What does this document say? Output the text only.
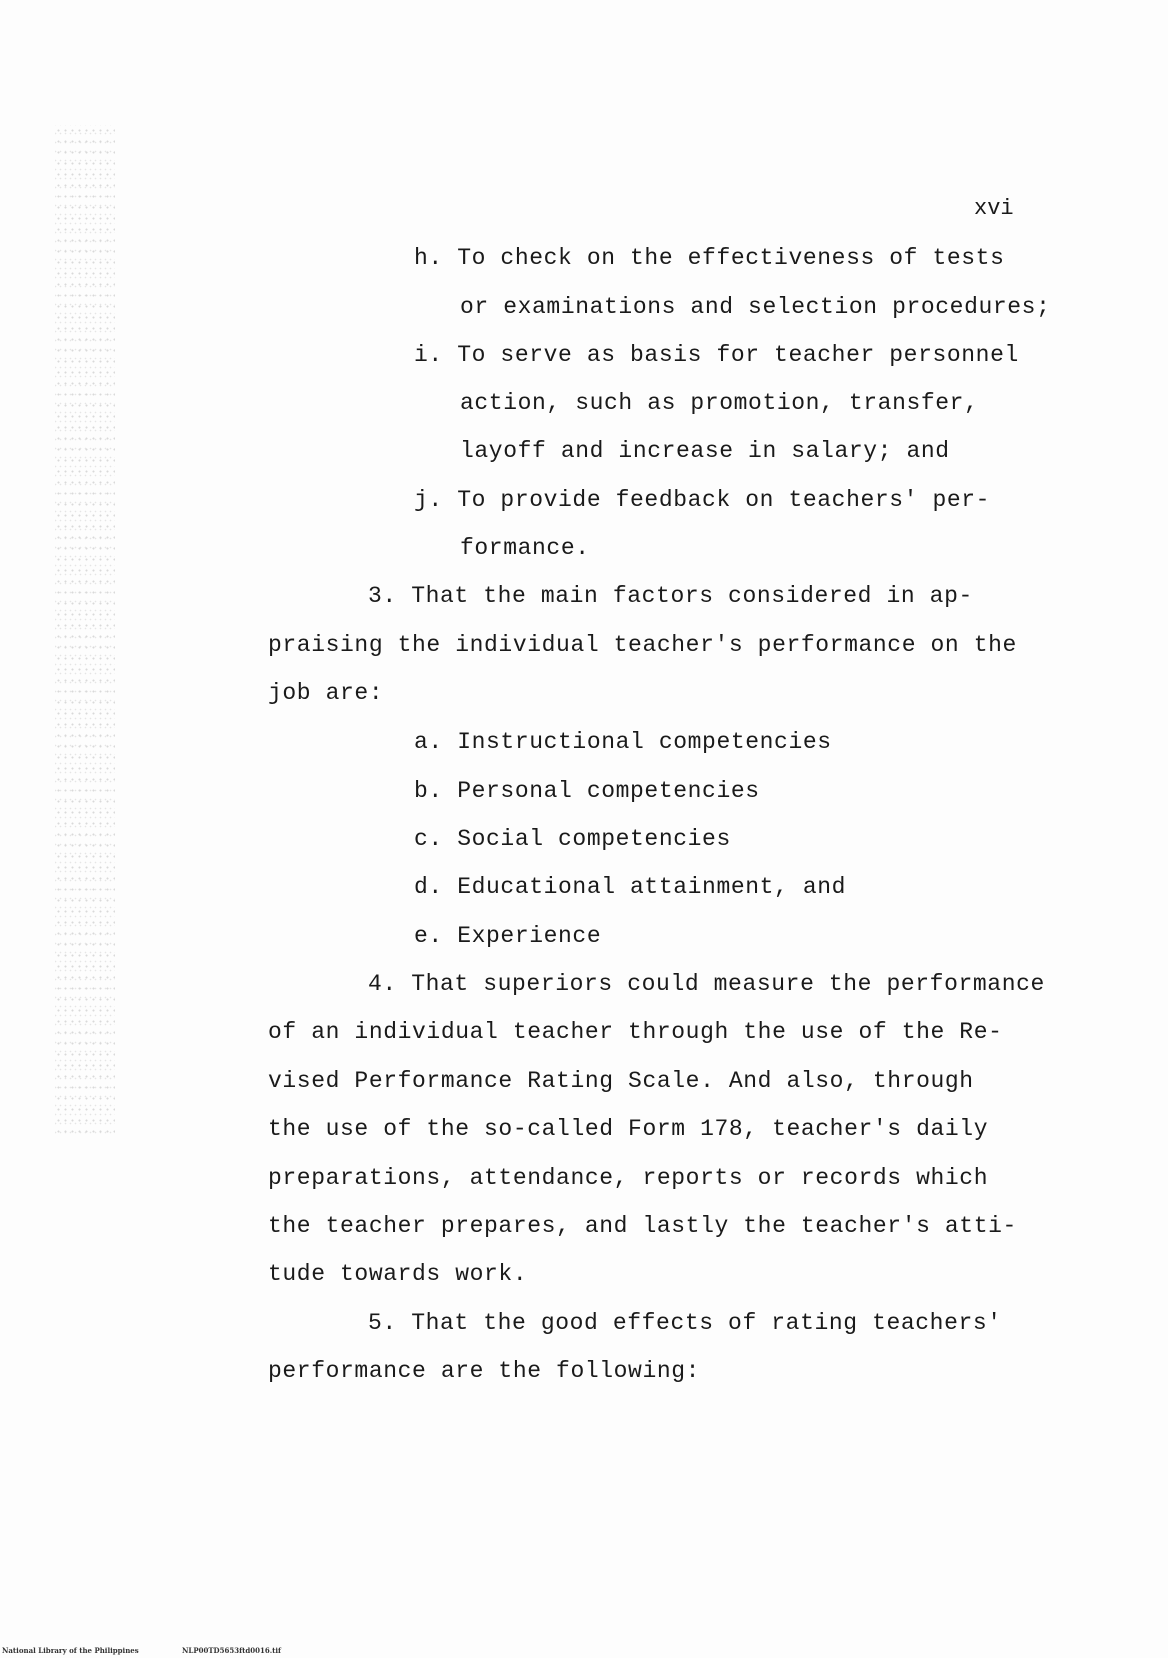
xvi
h. To check on the effectiveness of tests
or examinations and selection procedures;
i. To serve as basis for teacher personnel
action, such as promotion, transfer,
layoff and increase in salary; and
j. To provide feedback on teachers' per-
formance.
3. That the main factors considered in ap-
praising the individual teacher's performance on the
job are:
a. Instructional competencies
b. Personal competencies
c. Social competencies
d. Educational attainment, and
e. Experience
4. That superiors could measure the performance
of an individual teacher through the use of the Re-
vised Performance Rating Scale. And also, through
the use of the so-called Form 178, teacher's daily
preparations, attendance, reports or records which
the teacher prepares, and lastly the teacher's atti-
tude towards work.
5. That the good effects of rating teachers'
performance are the following:
National Library of the Philippines	NLP00TD5653ftd0016.tif
